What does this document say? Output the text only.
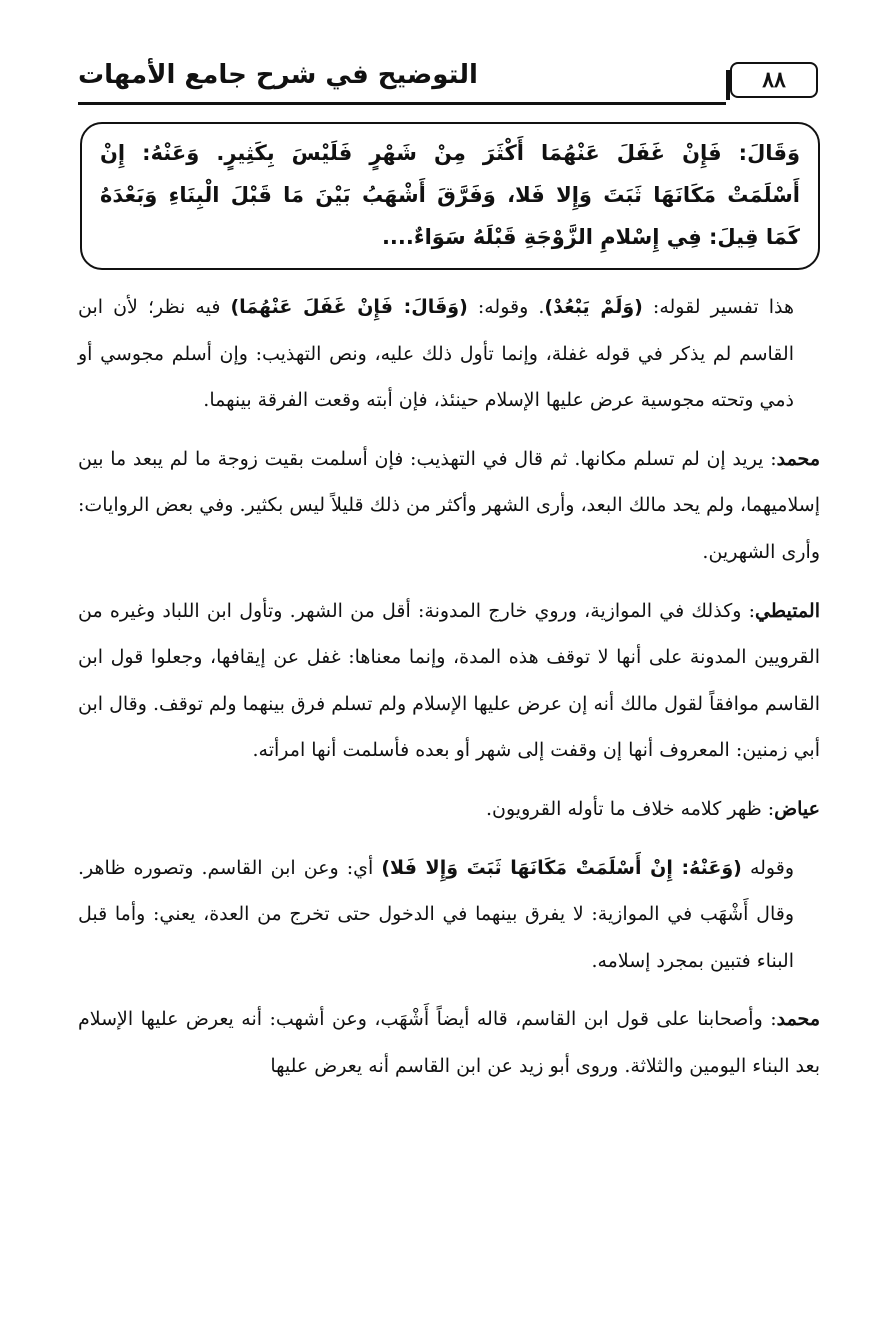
٨٨
التوضيح في شرح جامع الأمهات
وَقَالَ: فَإِنْ غَفَلَ عَنْهُمَا أَكْثَرَ مِنْ شَهْرٍ فَلَيْسَ بِكَثِيرٍ. وَعَنْهُ: إِنْ
أَسْلَمَتْ مَكَانَهَا ثَبَتَ وَإِلا فَلا، وَفَرَّقَ أَشْهَبُ بَيْنَ مَا قَبْلَ الْبِنَاءِ وَبَعْدَهُ
كَمَا قِيلَ: فِي إِسْلامِ الزَّوْجَةِ قَبْلَهُ سَوَاءٌ....

هذا تفسير لقوله: (وَلَمْ يَبْعُدْ). وقوله: (وَقَالَ: فَإِنْ غَفَلَ عَنْهُمَا) فيه نظر؛ لأن ابن القاسم لم يذكر في قوله غفلة، وإنما تأول ذلك عليه، ونص التهذيب: وإن أسلم مجوسي أو ذمي وتحته مجوسية عرض عليها الإسلام حينئذ، فإن أبته وقعت الفرقة بينهما.

محمد: يريد إن لم تسلم مكانها. ثم قال في التهذيب: فإن أسلمت بقيت زوجة ما لم يبعد ما بين إسلاميهما، ولم يحد مالك البعد، وأرى الشهر وأكثر من ذلك قليلاً ليس بكثير. وفي بعض الروايات: وأرى الشهرين.

المتيطي: وكذلك في الموازية، وروي خارج المدونة: أقل من الشهر. وتأول ابن اللباد وغيره من القرويين المدونة على أنها لا توقف هذه المدة، وإنما معناها: غفل عن إيقافها، وجعلوا قول ابن القاسم موافقاً لقول مالك أنه إن عرض عليها الإسلام ولم تسلم فرق بينهما ولم توقف. وقال ابن أبي زمنين: المعروف أنها إن وقفت إلى شهر أو بعده فأسلمت أنها امرأته.

عياض: ظهر كلامه خلاف ما تأوله القرويون.

وقوله (وَعَنْهُ: إِنْ أَسْلَمَتْ مَكَانَهَا ثَبَتَ وَإِلا فَلا) أي: وعن ابن القاسم. وتصوره ظاهر. وقال أَشْهَب في الموازية: لا يفرق بينهما في الدخول حتى تخرج من العدة، يعني: وأما قبل البناء فتبين بمجرد إسلامه.

محمد: وأصحابنا على قول ابن القاسم، قاله أيضاً أَشْهَب، وعن أشهب: أنه يعرض عليها الإسلام بعد البناء اليومين والثلاثة. وروى أبو زيد عن ابن القاسم أنه يعرض عليها
